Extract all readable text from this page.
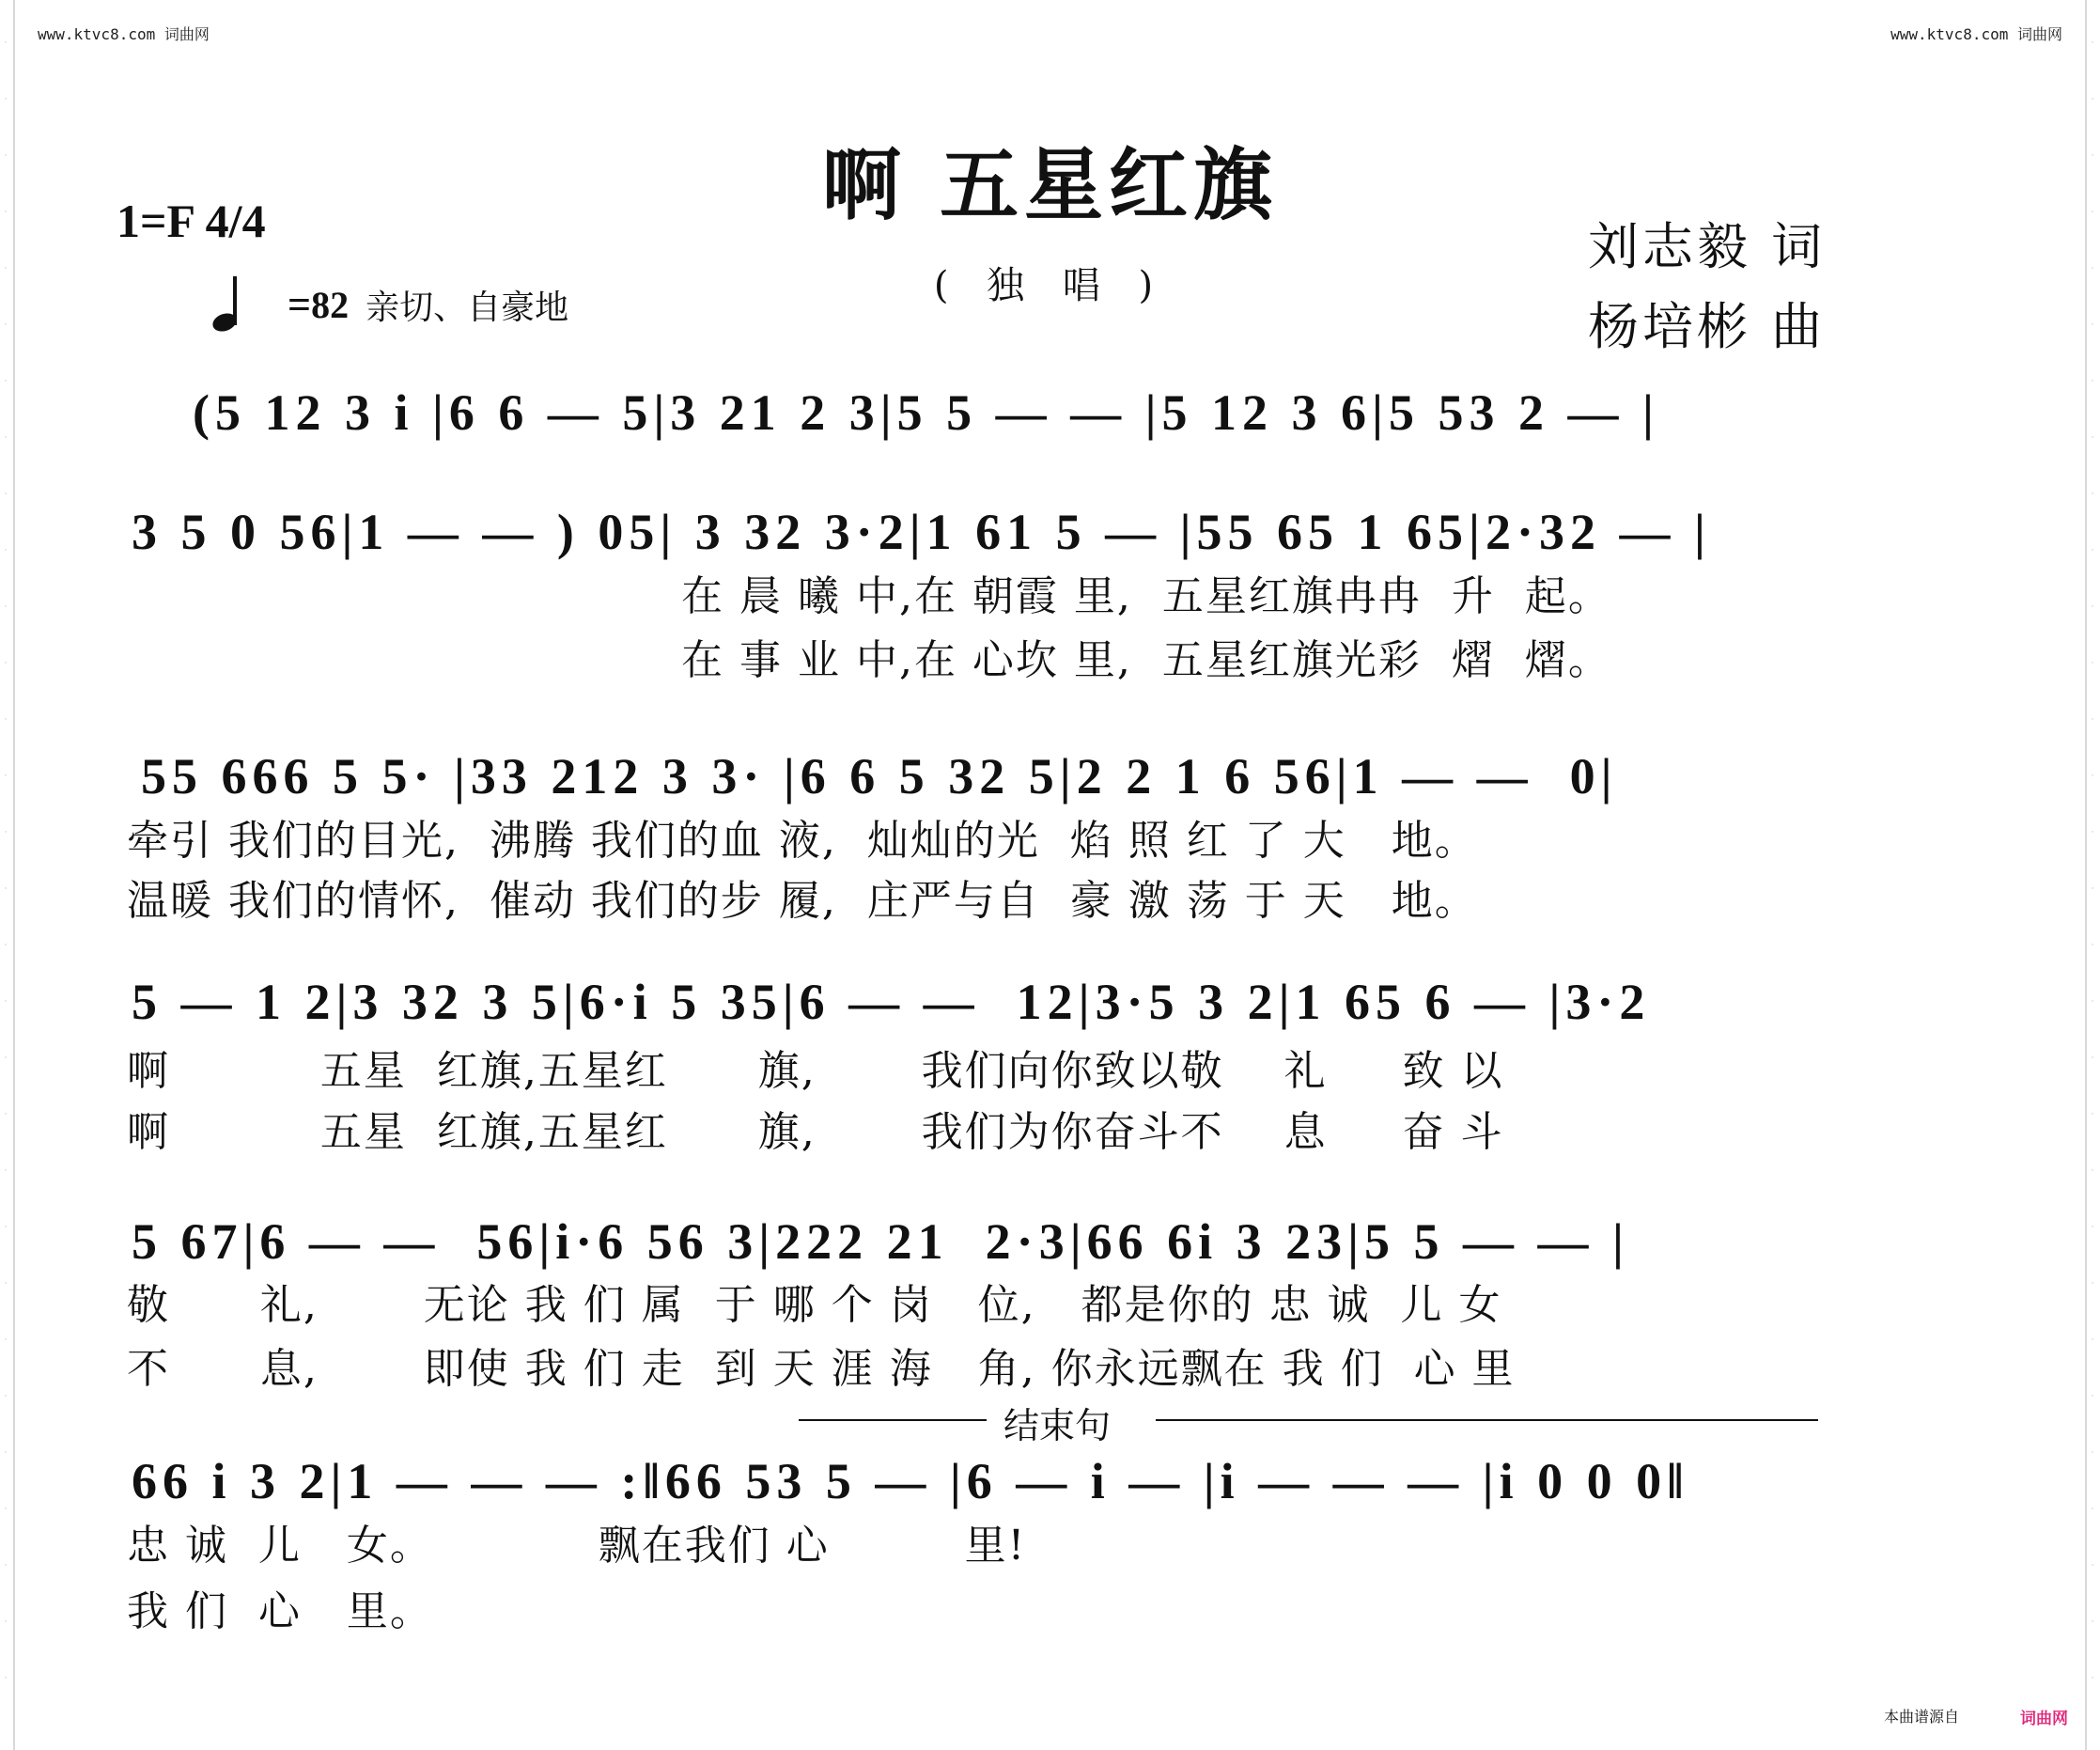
www.ktvc8.com 词曲网	www.ktvc8.com 词曲网
·
·
·
·
·
·
·
·
·
·
·
·
·
·
·
·
·
·
·
·
·
·
·
·
·
·
·
·
·
·
·
·
·
·
·
·
·
·
·
·
·
·
·
·
·
·
·
·
·
·
·
·
·
·
·
·
·
·
·
·
啊 五星红旗
( 独 唱 )
1=F 4/4
= 82 亲切、自豪地
刘志毅 词
杨培彬 曲
(5 12 3 i |6 6 — 5|3 21 2 3|5 5 — — |5 12 3 6|5 53 2 — |
3 5 0 56|1 — — ) 05| 3 32 3·2|1 61 5 — |55 65 1 65|2·32 — |
在 晨 曦 中,在 朝霞 里,  五星红旗冉冉  升  起。
在 事 业 中,在 心坎 里,  五星红旗光彩  熠  熠。
55 666 5 5· |33 212 3 3· |6 6 5 32 5|2 2 1 6 56|1 — —  0|
牵引 我们的目光,  沸腾 我们的血 液,  灿灿的光  焰 照 红 了 大   地。
温暖 我们的情怀,  催动 我们的步 履,  庄严与自  豪 激 荡 于 天   地。
5 — 1 2|3 32 3 5|6·i 5 35|6 — —  12|3·5 3 2|1 65 6 — |3·2
啊          五星  红旗,五星红      旗,       我们向你致以敬    礼     致 以
啊          五星  红旗,五星红      旗,       我们为你奋斗不    息     奋 斗
5 67|6 — —  56|i·6 56 3|222 21  2·3|66 6i 3 23|5 5 — — |
敬      礼,       无论 我 们 属  于 哪 个 岗   位,   都是你的 忠 诚  儿 女
不      息,       即使 我 们 走  到 天 涯 海   角, 你永远飘在 我 们  心 里
结束句
66 i 3 2|1 — — — :‖66 53 5 — |6 — i — |i — — — |i 0 0 0‖
忠 诚  儿   女。           飘在我们 心         里!
我 们  心   里。
本曲谱源自	词曲网
